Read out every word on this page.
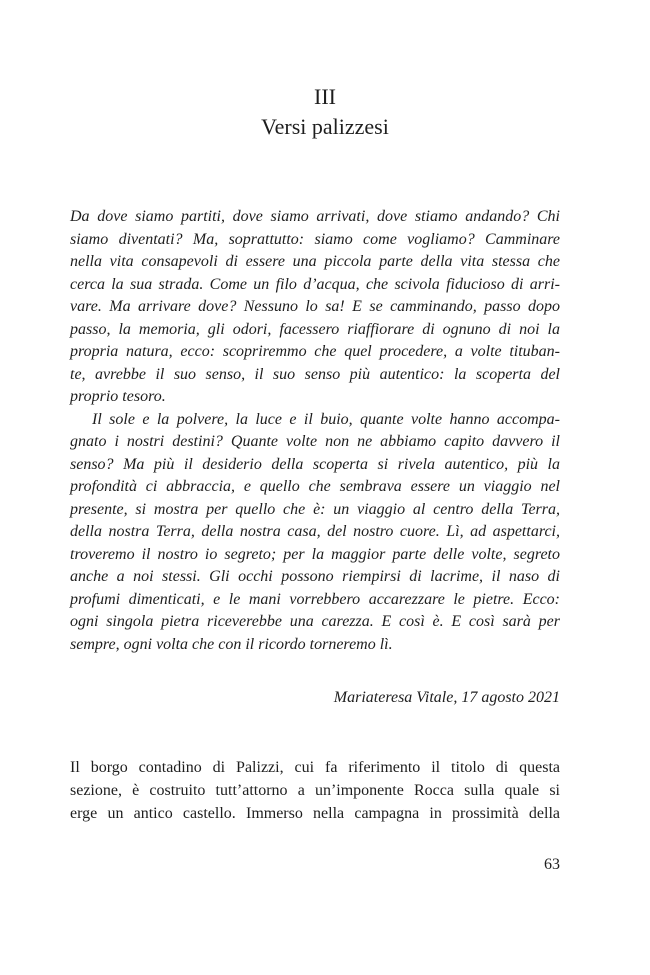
III
Versi palizzesi
Da dove siamo partiti, dove siamo arrivati, dove stiamo andando? Chi
siamo diventati? Ma, soprattutto: siamo come vogliamo? Camminare
nella vita consapevoli di essere una piccola parte della vita stessa che
cerca la sua strada. Come un filo d’acqua, che scivola fiducioso di arri-
vare. Ma arrivare dove? Nessuno lo sa! E se camminando, passo dopo
passo, la memoria, gli odori, facessero riaffiorare di ognuno di noi la
propria natura, ecco: scopriremmo che quel procedere, a volte tituban-
te, avrebbe il suo senso, il suo senso più autentico: la scoperta del
proprio tesoro.
Il sole e la polvere, la luce e il buio, quante volte hanno accompa-
gnato i nostri destini? Quante volte non ne abbiamo capito davvero il
senso? Ma più il desiderio della scoperta si rivela autentico, più la
profondità ci abbraccia, e quello che sembrava essere un viaggio nel
presente, si mostra per quello che è: un viaggio al centro della Terra,
della nostra Terra, della nostra casa, del nostro cuore. Lì, ad aspettarci,
troveremo il nostro io segreto; per la maggior parte delle volte, segreto
anche a noi stessi. Gli occhi possono riempirsi di lacrime, il naso di
profumi dimenticati, e le mani vorrebbero accarezzare le pietre. Ecco:
ogni singola pietra riceverebbe una carezza. E così è. E così sarà per
sempre, ogni volta che con il ricordo torneremo lì.
Mariateresa Vitale, 17 agosto 2021
Il borgo contadino di Palizzi, cui fa riferimento il titolo di questa
sezione, è costruito tutt’attorno a un’imponente Rocca sulla quale si
erge un antico castello. Immerso nella campagna in prossimità della
63
